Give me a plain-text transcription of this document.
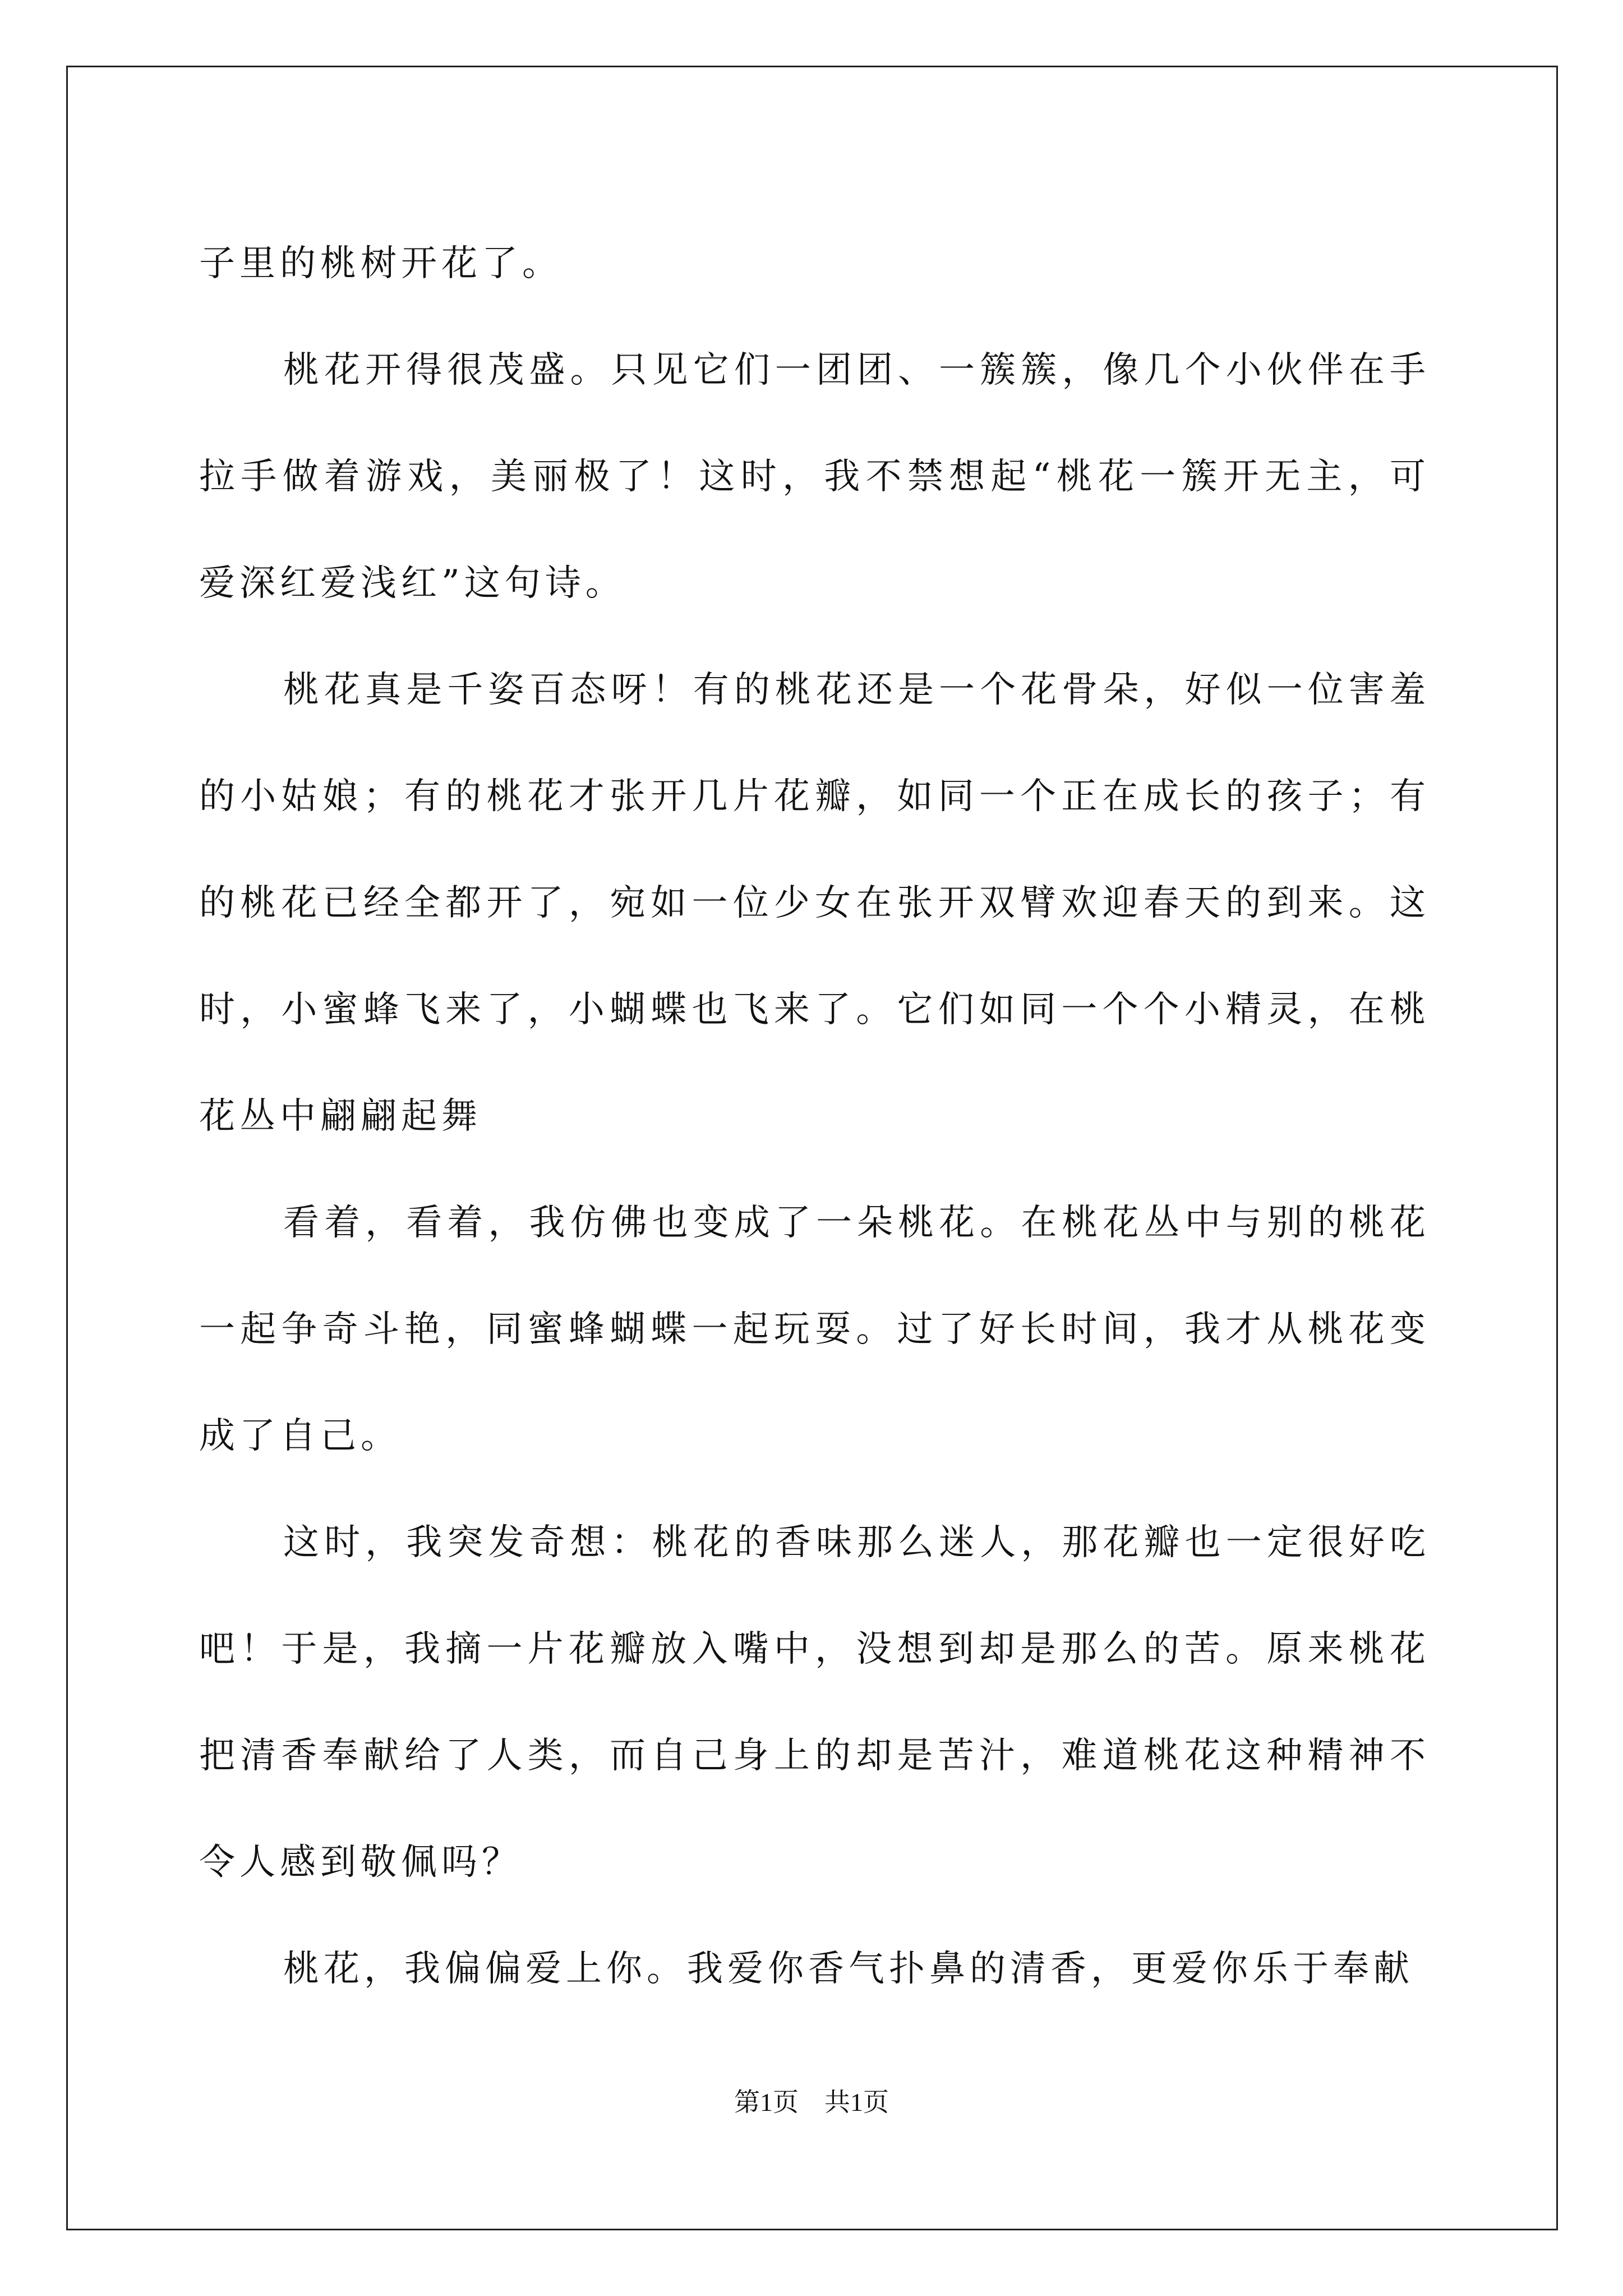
子里的桃树开花了。

桃花开得很茂盛。只见它们一团团、一簇簇，像几个小伙伴在手拉手做着游戏，美丽极了！这时，我不禁想起“桃花一簇开无主，可爱深红爱浅红”这句诗。

桃花真是千姿百态呀！有的桃花还是一个花骨朵，好似一位害羞的小姑娘；有的桃花才张开几片花瓣，如同一个正在成长的孩子；有的桃花已经全都开了，宛如一位少女在张开双臂欢迎春天的到来。这时，小蜜蜂飞来了，小蝴蝶也飞来了。它们如同一个个小精灵，在桃花丛中翩翩起舞

看着，看着，我仿佛也变成了一朵桃花。在桃花丛中与别的桃花一起争奇斗艳，同蜜蜂蝴蝶一起玩耍。过了好长时间，我才从桃花变成了自己。

这时，我突发奇想：桃花的香味那么迷人，那花瓣也一定很好吃吧！于是，我摘一片花瓣放入嘴中，没想到却是那么的苦。原来桃花把清香奉献给了人类，而自己身上的却是苦汁，难道桃花这种精神不令人感到敬佩吗？

桃花，我偏偏爱上你。我爱你香气扑鼻的清香，更爱你乐于奉献

第1页　共1页
